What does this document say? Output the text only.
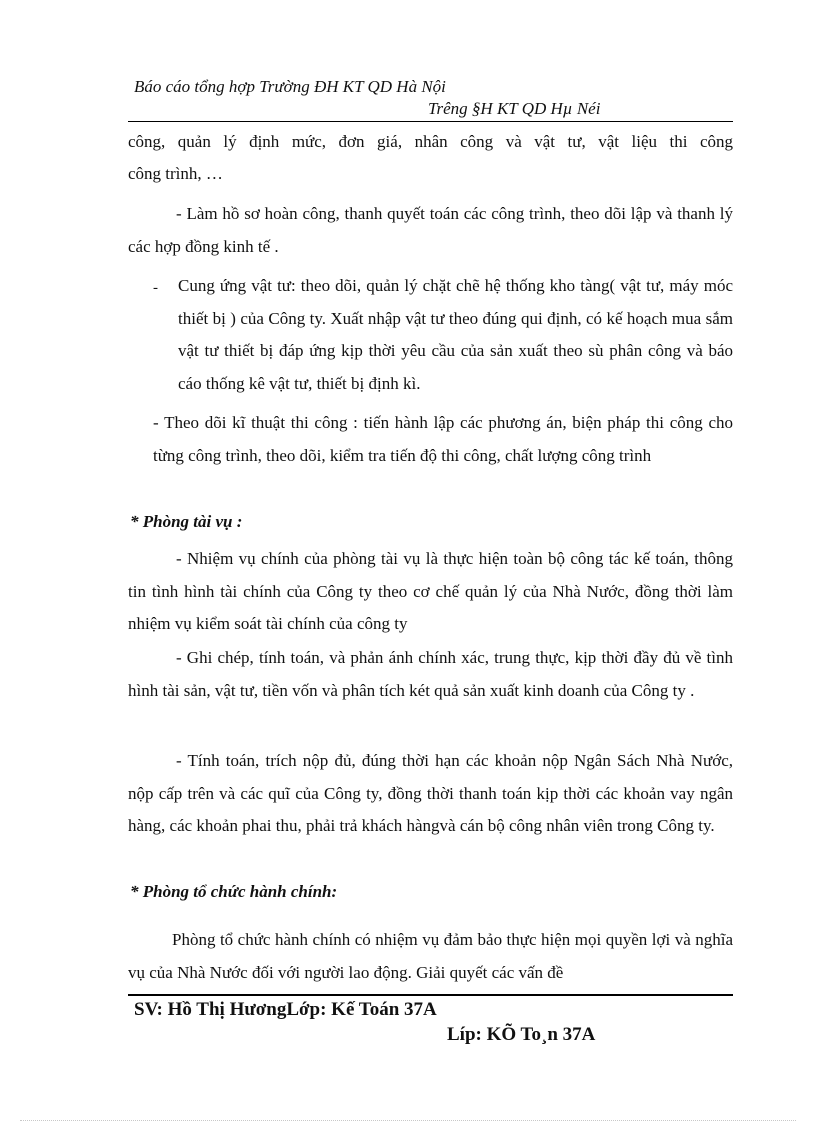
Báo cáo tổng hợp Trường ĐH KT QD Hà Nội
Trêng §H KT QD Hµ Néi
công, quản lý định mức, đơn giá, nhân công và vật tư, vật liệu thi công
công trình, …
- Làm hồ sơ hoàn công, thanh quyết toán các công trình, theo dõi lập và thanh lý các hợp đồng kinh tế .
- Cung ứng vật tư: theo dõi, quản lý chặt chẽ hệ thống kho tàng( vật tư, máy móc thiết bị ) của Công ty. Xuất nhập vật tư theo đúng qui định, có kế hoạch mua sắm vật tư thiết bị đáp ứng kịp thời yêu cầu của sản xuất theo sù phân công và báo cáo thống kê vật tư, thiết bị định kì.
- Theo dõi kĩ thuật thi công : tiến hành lập các phương án, biện pháp thi công cho từng công trình, theo dõi, kiểm tra tiến độ thi công, chất lượng công trình
* Phòng tài vụ :
- Nhiệm vụ chính của phòng tài vụ là thực hiện toàn bộ công tác kế toán, thông tin tình hình tài chính của Công ty theo cơ chế quản lý của Nhà Nước, đồng thời làm nhiệm vụ kiểm soát tài chính của công ty
- Ghi chép, tính toán, và phản ánh chính xác, trung thực, kịp thời đầy đủ về tình hình tài sản, vật tư, tiền vốn và phân tích két quả sản xuất kinh doanh của Công ty .
- Tính toán, trích nộp đủ, đúng thời hạn các khoản nộp Ngân Sách Nhà Nước, nộp cấp trên và các quĩ của Công ty, đồng thời thanh toán kịp thời các khoản vay ngân hàng, các khoản phai thu, phải trả khách hàngvà cán bộ công nhân viên trong Công ty.
* Phòng tổ chức hành chính:
Phòng tổ chức hành chính có nhiệm vụ đảm bảo thực hiện mọi quyền lợi và nghĩa vụ của Nhà Nước đối với người lao động. Giải quyết các vấn đề
SV: Hồ Thị HươngLớp: Kế Toán 37A
Líp: KÕ To¸n 37A
